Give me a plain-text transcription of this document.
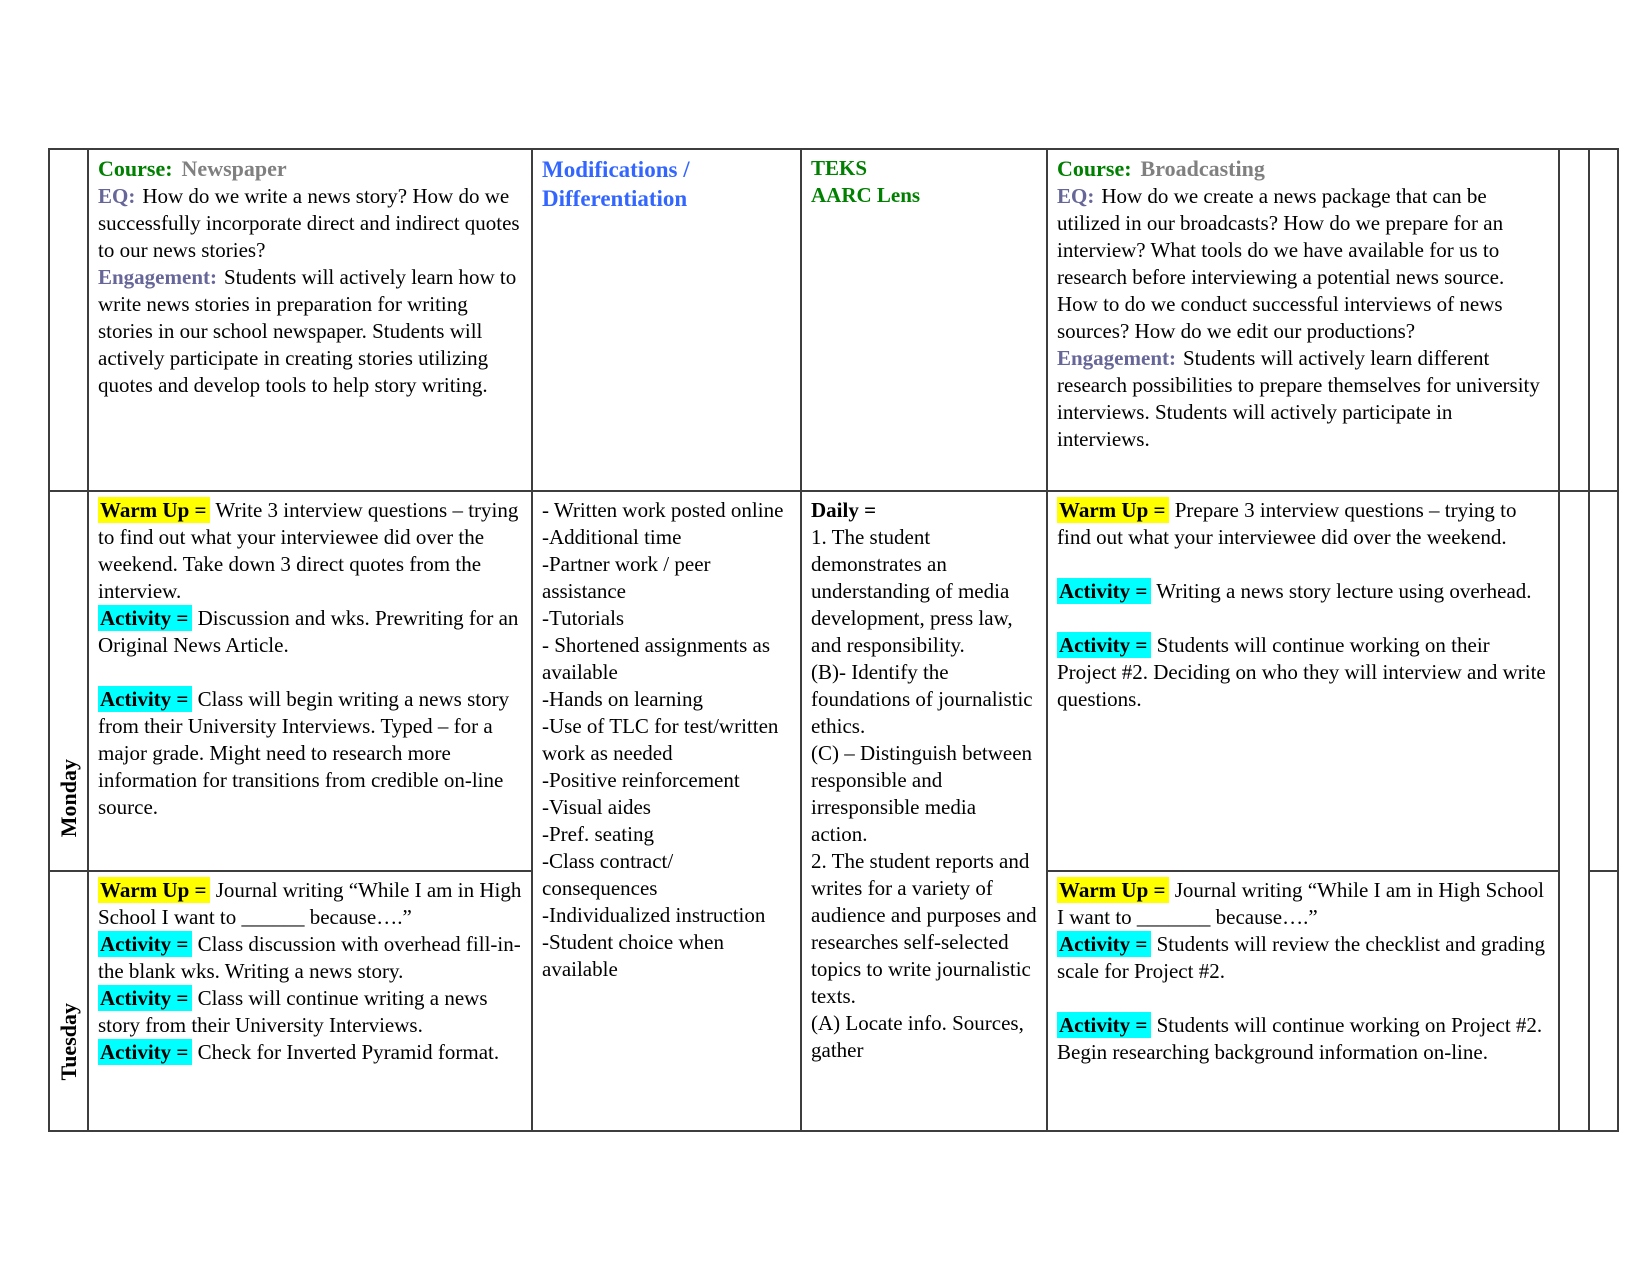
Course: Newspaper

EQ: How do we write a news story? How do we successfully incorporate direct and indirect quotes to our news stories?

Engagement: Students will actively learn how to write news stories in preparation for writing stories in our school newspaper. Students will actively participate in creating stories utilizing quotes and develop tools to help story writing.

Modifications / Differentiation

TEKS

AARC Lens

Course: Broadcasting

EQ: How do we create a news package that can be utilized in our broadcasts? How do we prepare for an interview? What tools do we have available for us to research before interviewing a potential news source. How to do we conduct successful interviews of news sources? How do we edit our productions?

Engagement: Students will actively learn different research possibilities to prepare themselves for university interviews. Students will actively participate in interviews.

Monday

Warm Up = Write 3 interview questions – trying to find out what your interviewee did over the weekend. Take down 3 direct quotes from the interview.

Activity = Discussion and wks. Prewriting for an Original News Article.

Activity = Class will begin writing a news story from their University Interviews. Typed – for a major grade. Might need to research more information for transitions from credible on-line source.

- Written work posted online
-Additional time
-Partner work / peer assistance
-Tutorials
- Shortened assignments as available
-Hands on learning
-Use of TLC for test/written work as needed
-Positive reinforcement
-Visual aides
-Pref. seating
-Class contract/ consequences
-Individualized instruction
-Student choice when available

Daily =

1. The student demonstrates an understanding of media development, press law, and responsibility.
(B)- Identify the foundations of journalistic ethics.
(C) – Distinguish between responsible and irresponsible media action.
2. The student reports and writes for a variety of audience and purposes and researches self-selected topics to write journalistic texts.
(A) Locate info. Sources, gather

Warm Up = Prepare 3 interview questions – trying to find out what your interviewee did over the weekend.

Activity = Writing a news story lecture using overhead.

Activity = Students will continue working on their Project #2. Deciding on who they will interview and write questions.

Tuesday

Warm Up = Journal writing “While I am in High School I want to ______ because….”

Activity = Class discussion with overhead fill-in-the blank wks. Writing a news story.

Activity = Class will continue writing a news story from their University Interviews.

Activity = Check for Inverted Pyramid format.

Warm Up = Journal writing “While I am in High School I want to _______ because….”

Activity = Students will review the checklist and grading scale for Project #2.

Activity = Students will continue working on Project #2. Begin researching background information on-line.
